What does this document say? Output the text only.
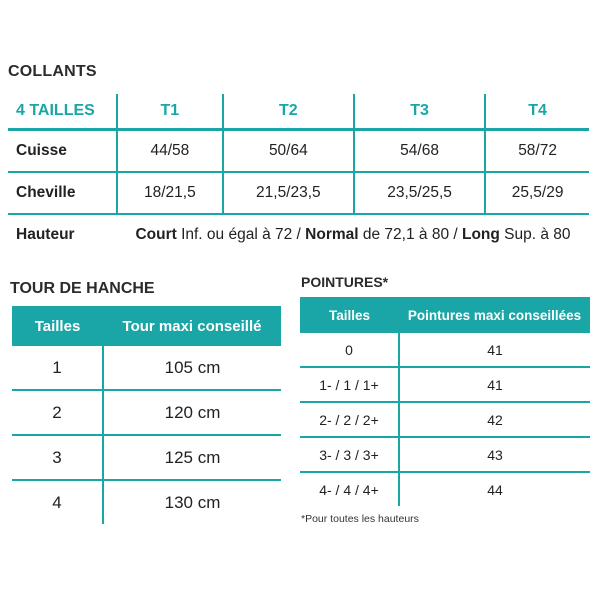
COLLANTS
4 TAILLES	T1	T2	T3	T4
Cuisse	44/58	50/64	54/68	58/72
Cheville	18/21,5	21,5/23,5	23,5/25,5	25,5/29
Hauteur	Court Inf. ou égal à 72 / Normal de 72,1 à 80 / Long Sup. à 80			
TOUR DE HANCHE
Tailles	Tour maxi conseillé
1	105 cm
2	120 cm
3	125 cm
4	130 cm
POINTURES*
Tailles	Pointures maxi conseillées
0	41
1- / 1 / 1+	41
2- / 2 / 2+	42
3- / 3 / 3+	43
4- / 4 / 4+	44
*Pour toutes les hauteurs
